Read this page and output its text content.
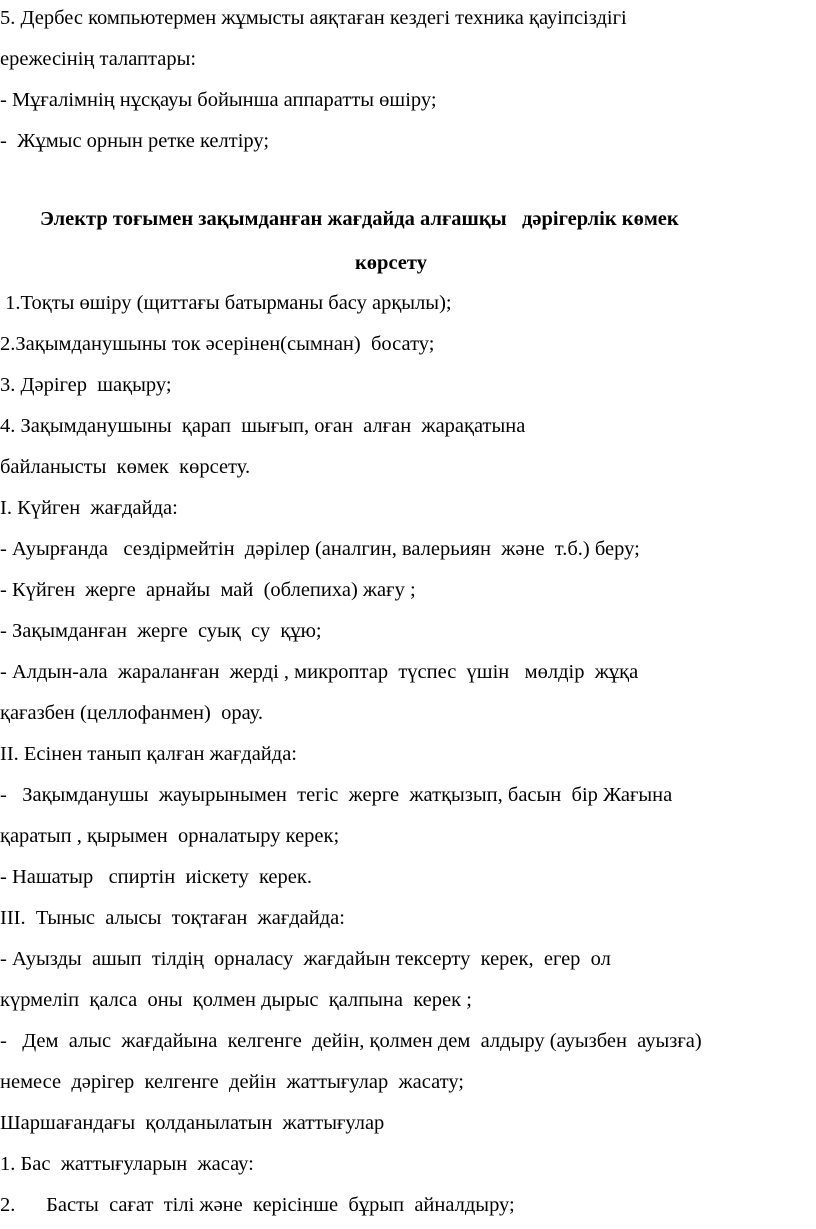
5. Дербес компьютермен жұмысты аяқтаған кездегі техника қауіпсіздігі
ережесінің талаптары:
- Мұғалімнің нұсқауы бойынша аппаратты өшіру;
-  Жұмыс орнын ретке келтіру;
Электр тоғымен зақымданған жағдайда алғашқы   дәрігерлік көмек
көрсету
1.Тоқты өшіру (щиттағы батырманы басу арқылы);
2.Зақымданушыны ток әсерінен(сымнан)  босату;
3. Дәрігер  шақыру;
4. Зақымданушыны  қарап  шығып, оған  алған  жарақатына
байланысты  көмек  көрсету.
I. Күйген  жағдайда:
- Ауырғанда   сездірмейтін  дәрілер (аналгин, валерьиян  және  т.б.) беру;
- Күйген  жерге  арнайы  май  (облепиха) жағу ;
- Зақымданған  жерге  суық  су  құю;
- Алдын-ала  жараланған  жерді , микроптар  түспес  үшін   мөлдір  жұқа
қағазбен (целлофанмен)  орау.
II. Есінен танып қалған жағдайда:
-   Зақымданушы  жауырынымен  тегіс  жерге  жатқызып, басын  бір Жағына
қаратып , қырымен  орналатыру керек;
- Нашатыр   спиртін  иіскету  керек.
III.  Тыныс  алысы  тоқтаған  жағдайда:
- Ауызды  ашып  тілдің  орналасу  жағдайын тексерту  керек,  егер  ол
күрмеліп  қалса  оны  қолмен дырыс  қалпына  керек ;
-   Дем  алыс  жағдайына  келгенге  дейін, қолмен дем  алдыру (ауызбен  ауызға)
немесе  дәрігер  келгенге  дейін  жаттығулар  жасату;
Шаршағандағы  қолданылатын  жаттығулар
1. Бас  жаттығуларын  жасау:
2.      Басты  сағат  тілі және  керісінше  бұрып  айналдыру;
